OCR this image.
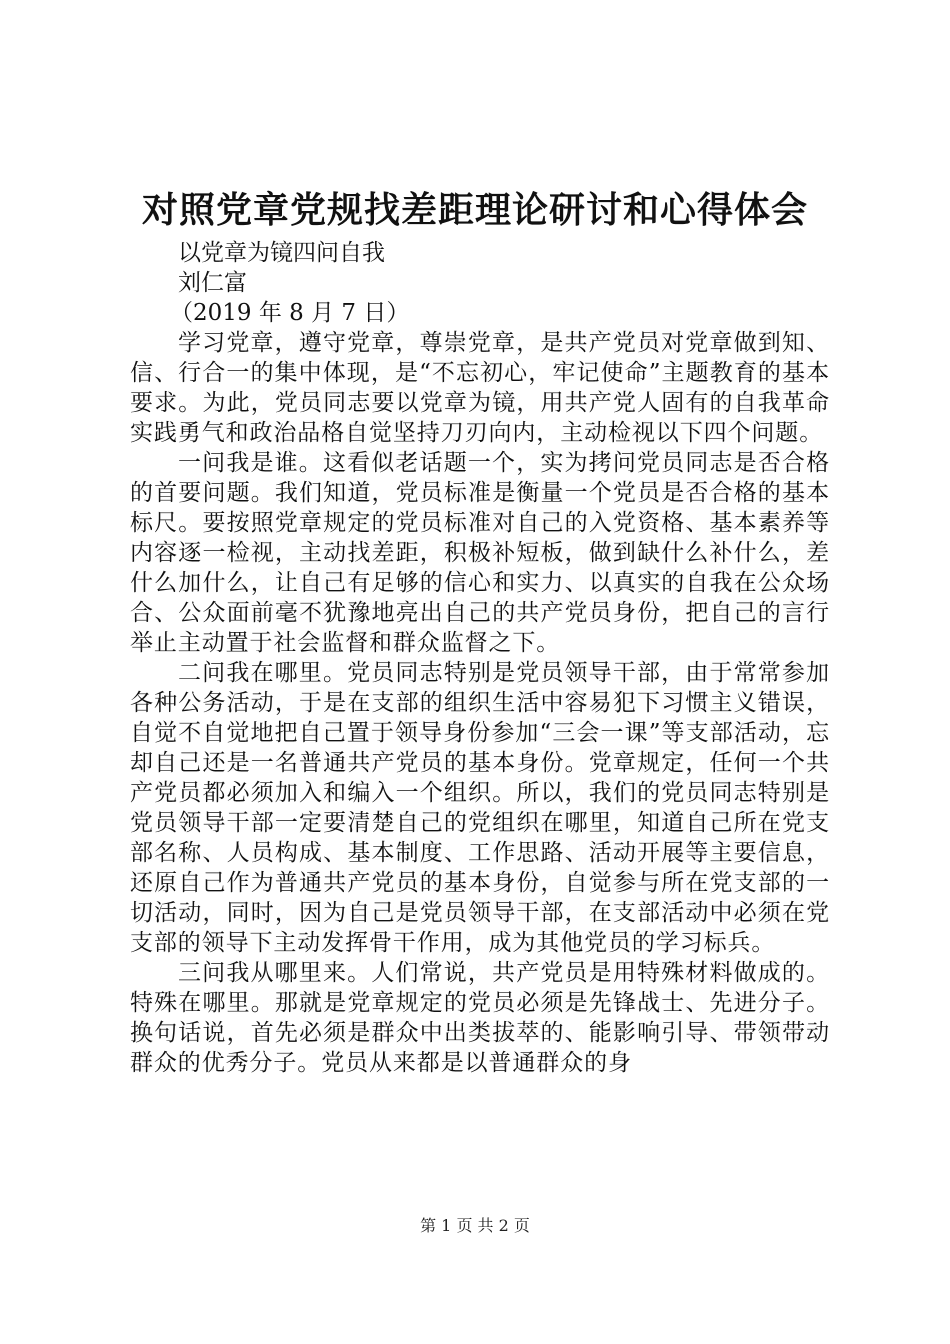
对照党章党规找差距理论研讨和心得体会

以党章为镜四问自我

刘仁富

（2019 年 8 月 7 日）

学习党章，遵守党章，尊崇党章，是共产党员对党章做到知、信、行合一的集中体现，是“不忘初心，牢记使命”主题教育的基本要求。为此，党员同志要以党章为镜，用共产党人固有的自我革命实践勇气和政治品格自觉坚持刀刃向内，主动检视以下四个问题。

一问我是谁。这看似老话题一个，实为拷问党员同志是否合格的首要问题。我们知道，党员标准是衡量一个党员是否合格的基本标尺。要按照党章规定的党员标准对自己的入党资格、基本素养等内容逐一检视，主动找差距，积极补短板，做到缺什么补什么，差什么加什么，让自己有足够的信心和实力、以真实的自我在公众场合、公众面前毫不犹豫地亮出自己的共产党员身份，把自己的言行举止主动置于社会监督和群众监督之下。

二问我在哪里。党员同志特别是党员领导干部，由于常常参加各种公务活动，于是在支部的组织生活中容易犯下习惯主义错误，自觉不自觉地把自己置于领导身份参加“三会一课”等支部活动，忘却自己还是一名普通共产党员的基本身份。党章规定，任何一个共产党员都必须加入和编入一个组织。所以，我们的党员同志特别是党员领导干部一定要清楚自己的党组织在哪里，知道自己所在党支部名称、人员构成、基本制度、工作思路、活动开展等主要信息，还原自己作为普通共产党员的基本身份，自觉参与所在党支部的一切活动，同时，因为自己是党员领导干部，在支部活动中必须在党支部的领导下主动发挥骨干作用，成为其他党员的学习标兵。

三问我从哪里来。人们常说，共产党员是用特殊材料做成的。特殊在哪里。那就是党章规定的党员必须是先锋战士、先进分子。换句话说，首先必须是群众中出类拔萃的、能影响引导、带领带动群众的优秀分子。党员从来都是以普通群众的身

第 1 页 共 2 页
